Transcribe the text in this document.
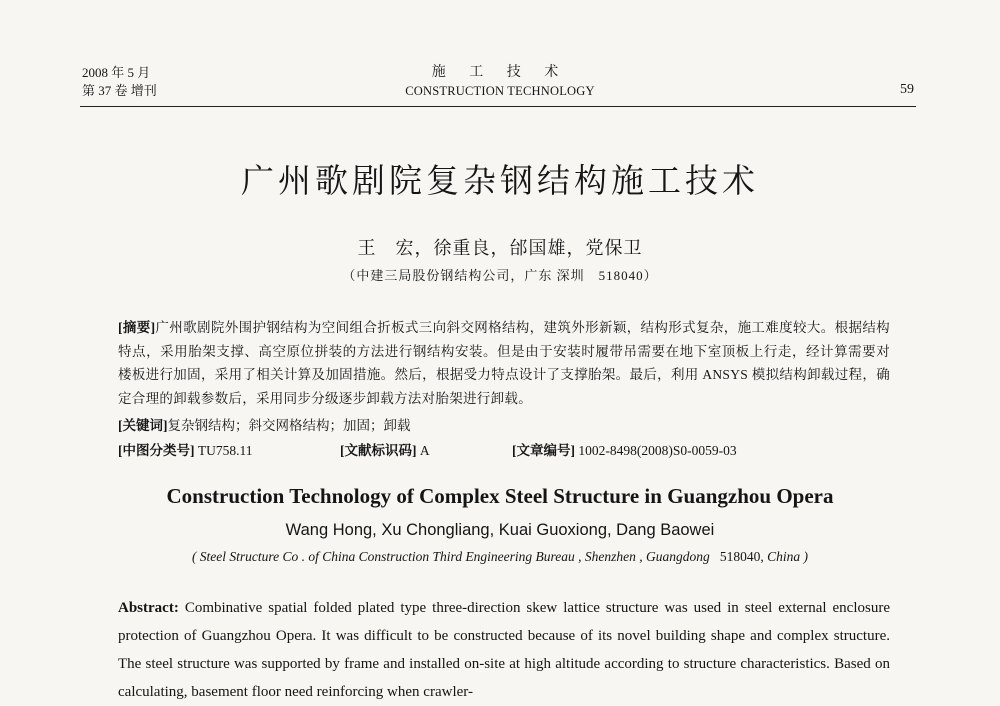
2008 年 5 月
第 37 卷 增刊
施 工 技 术
CONSTRUCTION TECHNOLOGY	59
广州歌剧院复杂钢结构施工技术
王　宏，徐重良，邰国雄，党保卫
（中建三局股份钢结构公司，广东 深圳　518040）
[摘要]广州歌剧院外围护钢结构为空间组合折板式三向斜交网格结构，建筑外形新颖，结构形式复杂，施工难度较大。根据结构特点，采用胎架支撑、高空原位拼装的方法进行钢结构安装。但是由于安装时履带吊需要在地下室顶板上行走，经计算需要对楼板进行加固，采用了相关计算及加固措施。然后，根据受力特点设计了支撑胎架。最后，利用 ANSYS 模拟结构卸载过程，确定合理的卸载参数后，采用同步分级逐步卸载方法对胎架进行卸载。
[关键词]复杂钢结构；斜交网格结构；加固；卸载
[中图分类号] TU758.11	[文献标识码] A	[文章编号] 1002-8498(2008)S0-0059-03
Construction Technology of Complex Steel Structure in Guangzhou Opera
Wang Hong, Xu Chongliang, Kuai Guoxiong, Dang Baowei
( Steel Structure Co . of China Construction Third Engineering Bureau , Shenzhen , Guangdong 518040, China )
Abstract: Combinative spatial folded plated type three-direction skew lattice structure was used in steel external enclosure protection of Guangzhou Opera. It was difficult to be constructed because of its novel building shape and complex structure. The steel structure was supported by frame and installed on-site at high altitude according to structure characteristics. Based on calculating, basement floor need reinforcing when crawler-
